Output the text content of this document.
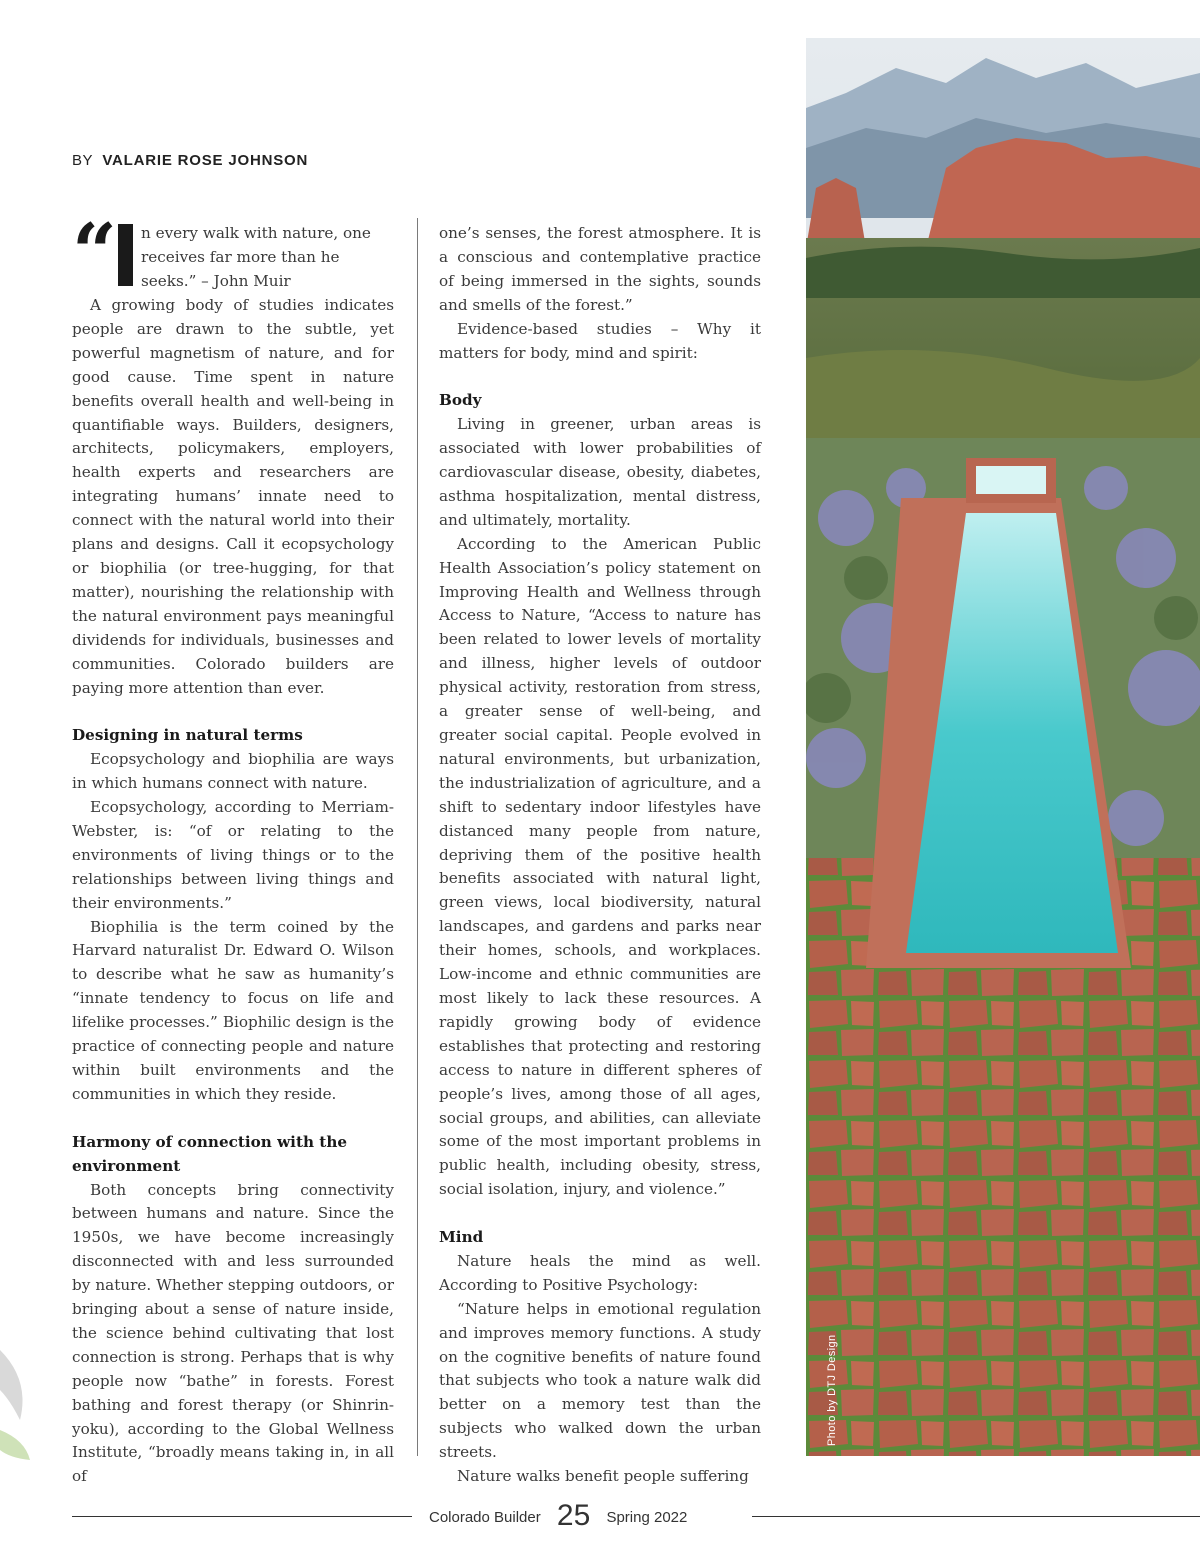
BY VALARIE ROSE JOHNSON
“ n every walk with nature, one receives far more than he seeks.” – John Muir

A growing body of studies indicates people are drawn to the subtle, yet powerful magnetism of nature, and for good cause. Time spent in nature benefits overall health and well-being in quantifiable ways. Builders, designers, architects, policymakers, employers, health experts and researchers are integrating humans’ innate need to connect with the natural world into their plans and designs. Call it ecopsychology or biophilia (or tree-hugging, for that matter), nourishing the relationship with the natural environment pays meaningful dividends for individuals, businesses and communities. Colorado builders are paying more attention than ever.

Designing in natural terms

Ecopsychology and biophilia are ways in which humans connect with nature.

Ecopsychology, according to Merriam-Webster, is: “of or relating to the environments of living things or to the relationships between living things and their environments.”

Biophilia is the term coined by the Harvard naturalist Dr. Edward O. Wilson to describe what he saw as humanity’s “innate tendency to focus on life and lifelike processes.” Biophilic design is the practice of connecting people and nature within built environments and the communities in which they reside.

Harmony of connection with the environment

Both concepts bring connectivity between humans and nature. Since the 1950s, we have become increasingly disconnected with and less surrounded by nature. Whether stepping outdoors, or bringing about a sense of nature inside, the science behind cultivating that lost connection is strong. Perhaps that is why people now “bathe” in forests. Forest bathing and forest therapy (or Shinrin-yoku), according to the Global Wellness Institute, “broadly means taking in, in all of

one’s senses, the forest atmosphere. It is a conscious and contemplative practice of being immersed in the sights, sounds and smells of the forest.”

Evidence-based studies – Why it matters for body, mind and spirit:

Body

Living in greener, urban areas is associated with lower probabilities of cardiovascular disease, obesity, diabetes, asthma hospitalization, mental distress, and ultimately, mortality.

According to the American Public Health Association’s policy statement on Improving Health and Wellness through Access to Nature, “Access to nature has been related to lower levels of mortality and illness, higher levels of outdoor physical activity, restoration from stress, a greater sense of well-being, and greater social capital. People evolved in natural environments, but urbanization, the industrialization of agriculture, and a shift to sedentary indoor lifestyles have distanced many people from nature, depriving them of the positive health benefits associated with natural light, green views, local biodiversity, natural landscapes, and gardens and parks near their homes, schools, and workplaces. Low-income and ethnic communities are most likely to lack these resources. A rapidly growing body of evidence establishes that protecting and restoring access to nature in different spheres of people’s lives, among those of all ages, social groups, and abilities, can alleviate some of the most important problems in public health, including obesity, stress, social isolation, injury, and violence.”

Mind

Nature heals the mind as well. According to Positive Psychology:

“Nature helps in emotional regulation and improves memory functions. A study on the cognitive benefits of nature found that subjects who took a nature walk did better on a memory test than the subjects who walked down the urban streets.

Nature walks benefit people suffering

Photo by DTJ Design
Colorado Builder 25 Spring 2022
